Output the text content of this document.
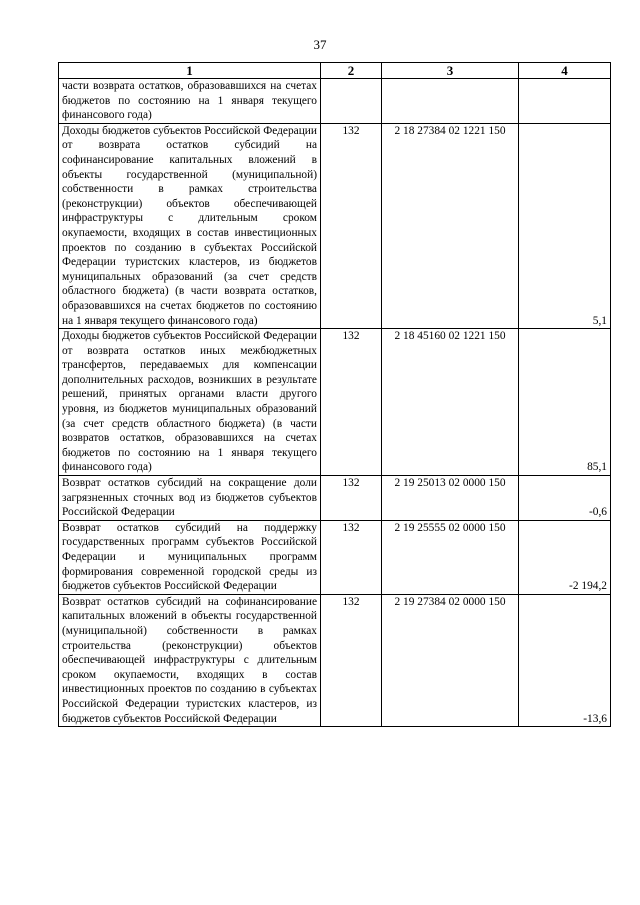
37
1	2	3	4
части возврата остатков, образовавшихся на счетах бюджетов по состоянию на 1 января текущего финансового года)			
Доходы бюджетов субъектов Российской Федерации от возврата остатков субсидий на софинансирование капитальных вложений в объекты государственной (муниципальной) собственности в рамках строительства (реконструкции) объектов обеспечивающей инфраструктуры с длительным сроком окупаемости, входящих в состав инвестиционных проектов по созданию в субъектах Российской Федерации туристских кластеров, из бюджетов муниципальных образований (за счет средств областного бюджета) (в части возврата остатков, образовавшихся на счетах бюджетов по состоянию на 1 января текущего финансового года)	132	2 18 27384 02 1221 150	5,1
Доходы бюджетов субъектов Российской Федерации от возврата остатков иных межбюджетных трансфертов, передаваемых для компенсации дополнительных расходов, возникших в результате решений, принятых органами власти другого уровня, из бюджетов муниципальных образований (за счет средств областного бюджета) (в части возвратов остатков, образовавшихся на счетах бюджетов по состоянию на 1 января текущего финансового года)	132	2 18 45160 02 1221 150	85,1
Возврат остатков субсидий на сокращение доли загрязненных сточных вод из бюджетов субъектов Российской Федерации	132	2 19 25013 02 0000 150	-0,6
Возврат остатков субсидий на поддержку государственных программ субъектов Российской Федерации и муниципальных программ формирования современной городской среды из бюджетов субъектов Российской Федерации	132	2 19 25555 02 0000 150	-2 194,2
Возврат остатков субсидий на софинансирование капитальных вложений в объекты государственной (муниципальной) собственности в рамках строительства (реконструкции) объектов обеспечивающей инфраструктуры с длительным сроком окупаемости, входящих в состав инвестиционных проектов по созданию в субъектах Российской Федерации туристских кластеров, из бюджетов субъектов Российской Федерации	132	2 19 27384 02 0000 150	-13,6
